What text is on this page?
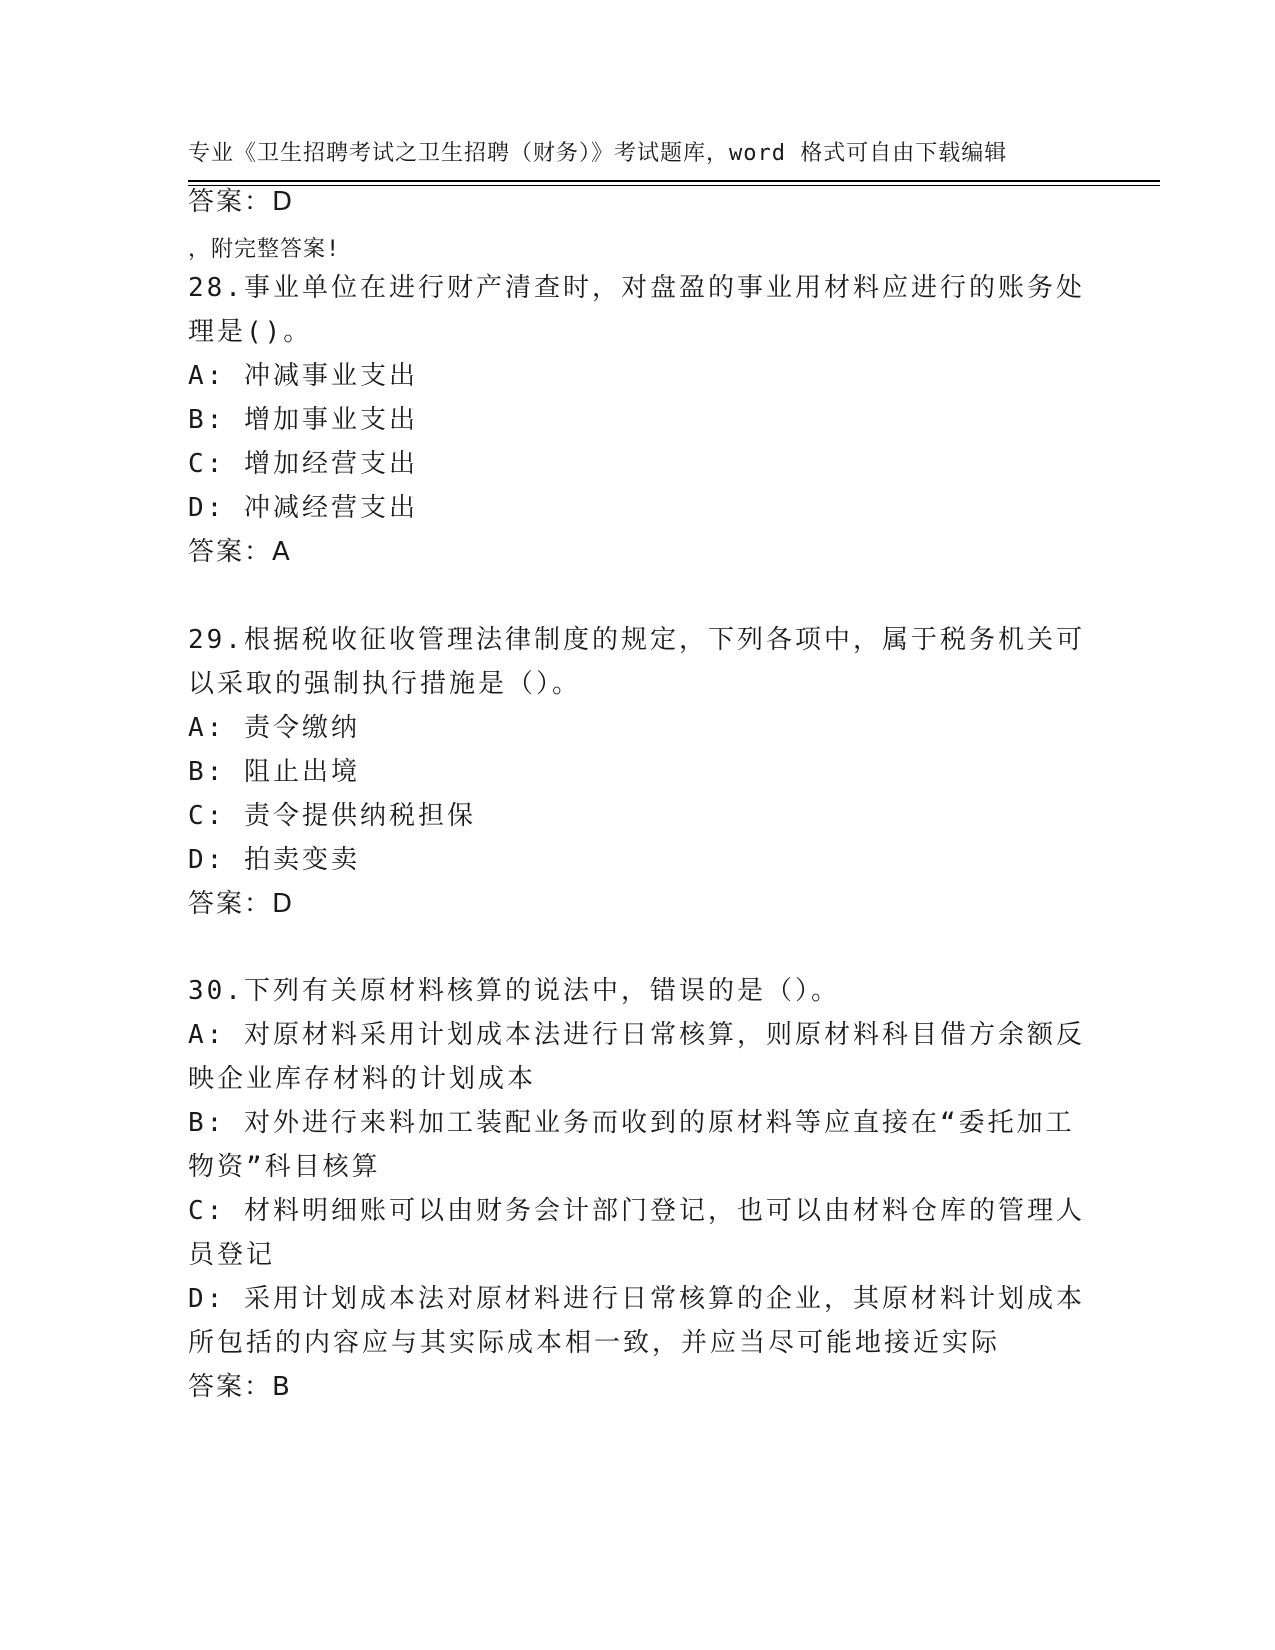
专业《卫生招聘考试之卫生招聘（财务）》考试题库，word 格式可自由下载编辑

，附完整答案!

答案：D
28.事业单位在进行财产清查时，对盘盈的事业用材料应进行的账务处
理是()。
A: 冲减事业支出
B: 增加事业支出
C: 增加经营支出
D: 冲减经营支出
答案：A
29.根据税收征收管理法律制度的规定，下列各项中，属于税务机关可
以采取的强制执行措施是（）。
A: 责令缴纳
B: 阻止出境
C: 责令提供纳税担保
D: 拍卖变卖
答案：D
30.下列有关原材料核算的说法中，错误的是（）。
A: 对原材料采用计划成本法进行日常核算，则原材料科目借方余额反
映企业库存材料的计划成本
B: 对外进行来料加工装配业务而收到的原材料等应直接在“委托加工
物资”科目核算
C: 材料明细账可以由财务会计部门登记，也可以由材料仓库的管理人
员登记
D: 采用计划成本法对原材料进行日常核算的企业，其原材料计划成本
所包括的内容应与其实际成本相一致，并应当尽可能地接近实际
答案：B
